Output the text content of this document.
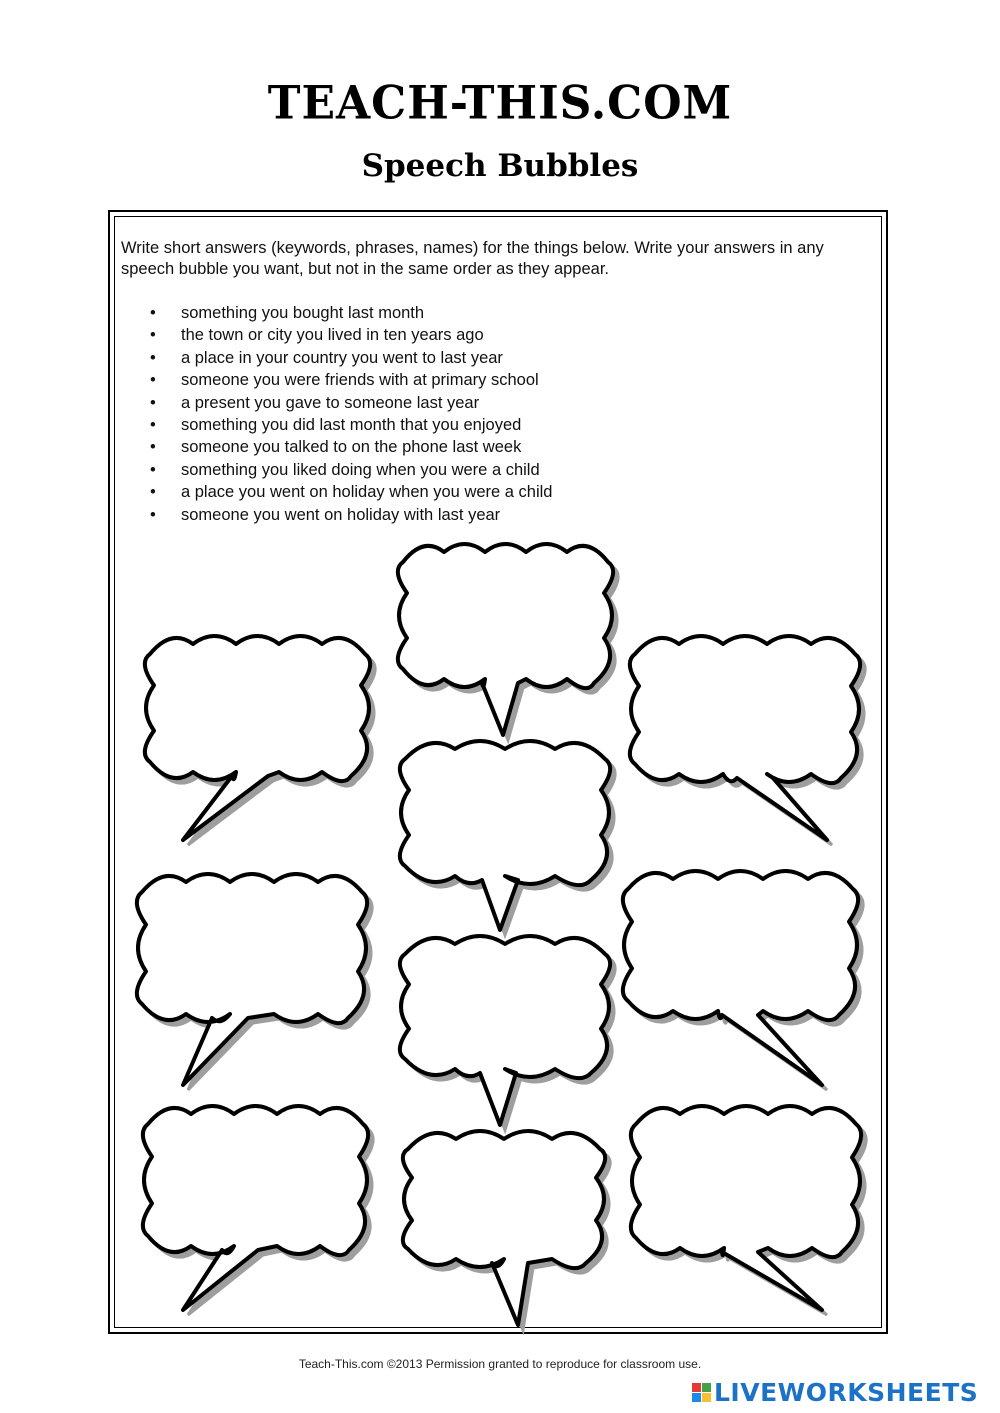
TEACH-THIS.COM
Speech Bubbles
Write short answers (keywords, phrases, names) for the things below. Write your answers in any speech bubble you want, but not in the same order as they appear.
• something you bought last month
• the town or city you lived in ten years ago
• a place in your country you went to last year
• someone you were friends with at primary school
• a present you gave to someone last year
• something you did last month that you enjoyed
• someone you talked to on the phone last week
• something you liked doing when you were a child
• a place you went on holiday when you were a child
• someone you went on holiday with last year
Teach-This.com ©2013 Permission granted to reproduce for classroom use.
LIVEWORKSHEETS
